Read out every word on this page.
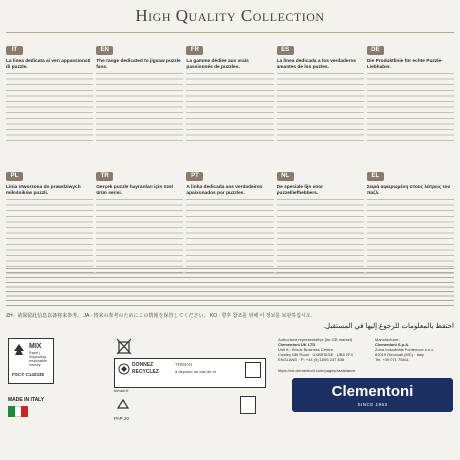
High Quality Collection
IT
La linea dedicata ai veri appassionati di puzzle.
EN
The range dedicated to jigsaw puzzle fans.
FR
La gamme dédiée aux vrais passionnés de puzzles.
ES
La línea dedicada a los verdaderos amantes de los puzles.
DE
Die Produktlinie für echte Puzzle-Liebhaber.
PL
Linia stworzona do prawdziwych miłośników puzzli.
TR
Gerçek puzzle hayranları için özel ürün serisi.
PT
A linha dedicada aos verdadeiros apaixonados por puzzles.
NL
De speciale lijn voor puzzelliefhebbers.
EL
Σειρά αφιερωμένη στους λάτρεις του παζλ.
ZH · 请保留此信息以备将来参考。 JA · 将来の参考のためにこの情報を保管してください。 KO · 향후 참조를 위해 이 정보를 보관하십시오.
احتفظ بالمعلومات للرجوع إليها في المستقبل.
MIX
Paper | Supporting responsible forestry
FSC® C140338
MADE IN ITALY
DONNEZ
RECYCLEZ
TRIMAN
à déposer au bac de tri
triman.fr
PAP 20
Authorised representative (for GB market)
Clementoni UK LTD
Unit 8 - Brook Business Centre
Cowley Mill Road · UXBRIDGE · UB8 2FX
ENGLAND · P: +44 (0) 1895 237 838
https://int.clementoni.com/pages/assistance
Manufacturer:
Clementoni S.p.A.
Zona Industriale Fontenoce s.n.c.
62019 Recanati (MC) · Italy
Tel. +39 071 75811
Clementoni
SINCE 1963
